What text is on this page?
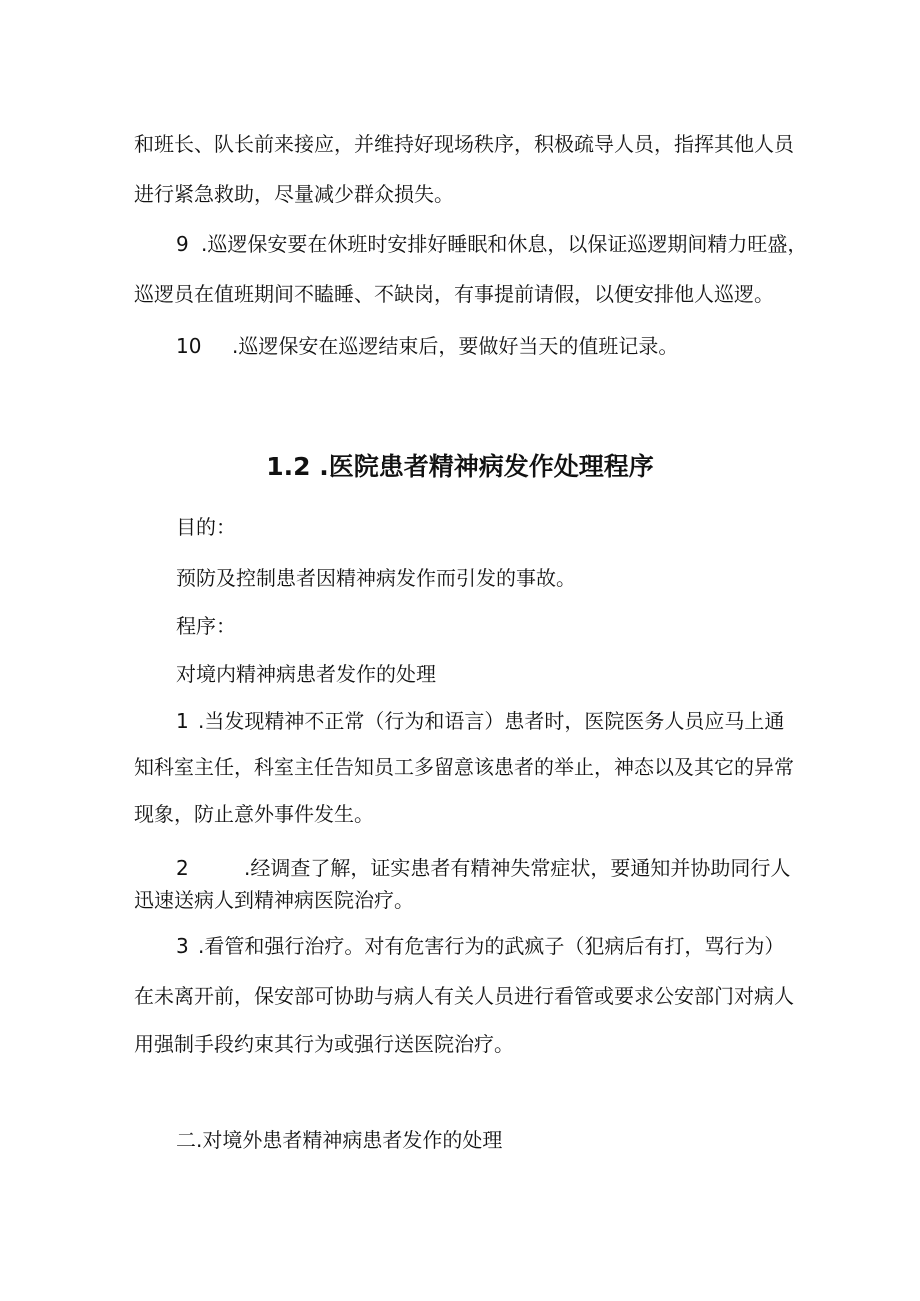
和班长、队长前来接应，并维持好现场秩序，积极疏导人员，指挥其他人员

进行紧急救助，尽量减少群众损失。

9 .巡逻保安要在休班时安排好睡眠和休息，以保证巡逻期间精力旺盛，

巡逻员在值班期间不瞌睡、不缺岗，有事提前请假，以便安排他人巡逻。

10 .巡逻保安在巡逻结束后，要做好当天的值班记录。

1.2 .医院患者精神病发作处理程序

目的：

预防及控制患者因精神病发作而引发的事故。

程序：

对境内精神病患者发作的处理

1 .当发现精神不正常（行为和语言）患者时，医院医务人员应马上通

知科室主任，科室主任告知员工多留意该患者的举止，神态以及其它的异常

现象，防止意外事件发生。

2	.经调查了解，证实患者有精神失常症状，要通知并协助同行人

迅速送病人到精神病医院治疗。

3 .看管和强行治疗。对有危害行为的武疯子（犯病后有打，骂行为）

在未离开前，保安部可协助与病人有关人员进行看管或要求公安部门对病人

用强制手段约束其行为或强行送医院治疗。

二.对境外患者精神病患者发作的处理
